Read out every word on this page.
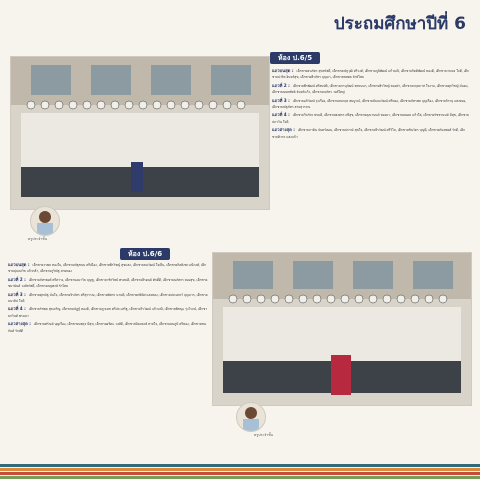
ประถมศึกษาปีที่ 6
ห้อง ป.6/5
ครูประจำชั้น
แถวบนสุด : เด็กชายธนภัทร สุขสวัสดิ์, เด็กชายณัฐวุฒิ ศรีวงศ์, เด็กชายภูมิพัฒน์ แก้วมณี, เด็กชายกิตติพัฒน์ ทองดี, เด็กชายวรเมธ ใจดี, เด็กชายปวริศ อินทร์สุข, เด็กชายธีรภัทร บุญมา, เด็กชายชยพล รักษ์ไทย
แถวที่ 2 : เด็กชายพีรพัฒน์ ศรีสมบัติ, เด็กชายภานุวัฒน์ พรหมมา, เด็กชายสิรวิชญ์ ทองคำ, เด็กชายกฤตภาส ใจงาม, เด็กชายศุภวิชญ์ มั่นคง, เด็กชายนนทพัทธ์ จันทร์แก้ว, เด็กชายณภัทร วงศ์ใหญ่
แถวที่ 3 : เด็กชายอภิวัฒน์ รุ่งเรือง, เด็กชายธนกฤต สมบูรณ์, เด็กชายปัณณวัฒน์ ศรีทอง, เด็กชายภัทรพล บุญเรือง, เด็กชายจิรายุ แสงทอง, เด็กชายณัฐภัทร สายสุวรรณ
แถวที่ 4 : เด็กชายวีรภัทร พรมดี, เด็กชายพงศกร ศรีสุข, เด็กชายคุณานนต์ ทองมา, เด็กชายธนดล แก้วใส, เด็กชายรัชชานนท์ มีสุข, เด็กชายปภาวิน ใจดี
แถวล่างสุด : เด็กชายภาคิน จันทร์หอม, เด็กชายปกรณ์ สุขใจ, เด็กชายธีรวัฒน์ ศรีวิไล, เด็กชายชินวัตร บุญมี, เด็กชายกันตพงศ์ รักดี, เด็กชายศิวกร แสงแก้ว
ห้อง ป.6/6
แถวบนสุด : เด็กชายวรพล ทองใบ, เด็กชายณัฐชนน ศรีเมือง, เด็กชายพีรวิชญ์ สุขแสง, เด็กชายธนวัฒน์ ใจเย็น, เด็กชายกิตติภพ มณีวงศ์, เด็กชายปุณณวิช แก้วกล้า, เด็กชายภูริณัฐ สายทอง
แถวที่ 2 : เด็กชายภัทรพงศ์ ศรีสว่าง, เด็กชายอนาวิล บุญชู, เด็กชายวชิรวิทย์ พรหมดี, เด็กชายธีรดนย์ ศักดิ์ดี, เด็กชายนภัสกร ทองสุข, เด็กชายชยานันต์ วงศ์สวัสดิ์, เด็กชายณฐพงษ์ รักไทย
แถวที่ 3 : เด็กชายศุภณัฐ มั่นใจ, เด็กชายจิรภัทร ศรีสุวรรณ, เด็กชายพัสกร นาคดี, เด็กชายกษิดิศ แสงทอง, เด็กชายปรเมศวร์ บุญมาก, เด็กชายธนาธิป ใจดี
แถวที่ 4 : เด็กชายรัชพล สุขเจริญ, เด็กชายณัฏฐ์ ทองดี, เด็กชายภูวเดช ศรีประเสริฐ, เด็กชายวีรวัฒน์ แก้วมณี, เด็กชายพิชญะ รุ่งโรจน์, เด็กชายกวินท์ พรมมา
แถวล่างสุด : เด็กชายศรัณย์ บุญเรือง, เด็กชายนพรุจ มีสุข, เด็กชายอชิตะ วงศ์ดี, เด็กชายปิยะพงษ์ สายใจ, เด็กชายธนภูมิ ศรีทอง, เด็กชายชนกันต์ รักษ์ดี
ครูประจำชั้น
